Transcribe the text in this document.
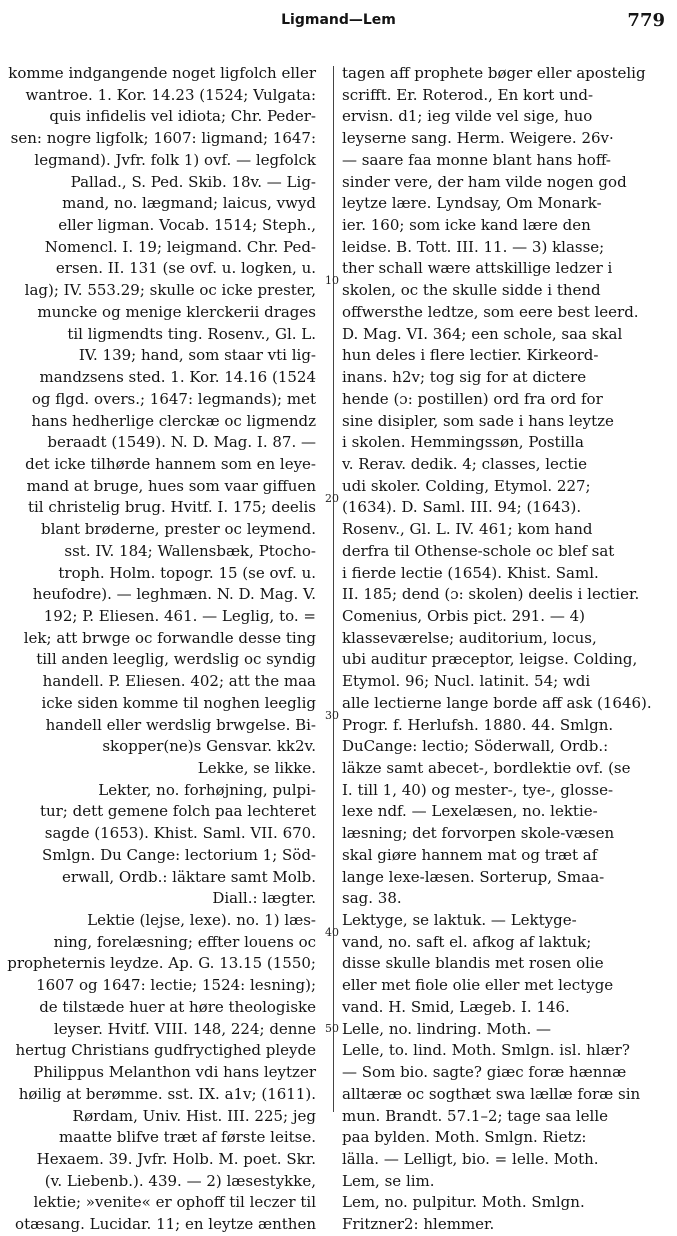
Ligmand—Lem	779
komme indgangende noget ligfolch eller
wantroe. 1. Kor. 14.23 (1524; Vulgata:
quis infidelis vel idiota; Chr. Peder-
sen: nogre ligfolk; 1607: ligmand; 1647:
legmand). Jvfr. folk 1) ovf. — legfolck
Pallad., S. Ped. Skib. 18v. — Lig-
mand, no. lægmand; laicus, vwyd
eller ligman. Vocab. 1514; Steph.,
Nomencl. I. 19; leigmand. Chr. Ped-
ersen. II. 131 (se ovf. u. logken, u.
lag); IV. 553.29; skulle oc icke prester,
muncke og menige klerckerii drages
til ligmendts ting. Rosenv., Gl. L.
IV. 139; hand, som staar vti lig-
mandzsens sted. 1. Kor. 14.16 (1524
og flgd. overs.; 1647: legmands); met
hans hedherlige clerckæ oc ligmendz
beraadt (1549). N. D. Mag. I. 87. —
det icke tilhørde hannem som en leye-
mand at bruge, hues som vaar giffuen
til christelig brug. Hvitf. I. 175; deelis
blant brøderne, prester oc leymend.
sst. IV. 184; Wallensbæk, Ptocho-
troph. Holm. topogr. 15 (se ovf. u.
heufodre). — leghmæn. N. D. Mag. V.
192; P. Eliesen. 461. — Leglig, to. =
lek; att brwge oc forwandle desse ting
till anden leeglig, werdslig oc syndig
handell. P. Eliesen. 402; att the maa
icke siden komme til noghen leeglig
handell eller werdslig brwgelse. Bi-
skopper(ne)s Gensvar. kk2v.
Lekke, se likke.
Lekter, no. forhøjning, pulpi-
tur; dett gemene folch paa lechteret
sagde (1653). Khist. Saml. VII. 670.
Smlgn. Du Cange: lectorium 1; Söd-
erwall, Ordb.: läktare samt Molb.
Diall.: lægter.
Lektie (lejse, lexe). no. 1) læs-
ning, forelæsning; effter louens oc
propheternis leydze. Ap. G. 13.15 (1550;
1607 og 1647: lectie; 1524: lesning);
de tilstæde huer at høre theologiske
leyser. Hvitf. VIII. 148, 224; denne
hertug Christians gudfryctighed pleyde
Philippus Melanthon vdi hans leytzer
høilig at berømme. sst. IX. a1v; (1611).
Rørdam, Univ. Hist. III. 225; jeg
maatte blifve træt af første leitse.
Hexaem. 39. Jvfr. Holb. M. poet. Skr.
(v. Liebenb.). 439. — 2) læsestykke,
lektie; »venite« er ophoff til leczer til
otæsang. Lucidar. 11; en leytze ænthen
tagen aff prophete bøger eller apostelig
scrifft. Er. Roterod., En kort und-
ervisn. d1; ieg vilde vel sige, huo
leyserne sang. Herm. Weigere. 26v·
— saare faa monne blant hans hoff-
sinder vere, der ham vilde nogen god
leytze lære. Lyndsay, Om Monark-
ier. 160; som icke kand lære den
leidse. B. Tott. III. 11. — 3) klasse;
ther schall wære attskillige ledzer i
skolen, oc the skulle sidde i thend
offwersthe ledtze, som eere best leerd.
D. Mag. VI. 364; een schole, saa skal
hun deles i flere lectier. Kirkeord-
inans. h2v; tog sig for at dictere
hende (ɔ: postillen) ord fra ord for
sine disipler, som sade i hans leytze
i skolen. Hemmingssøn, Postilla
v. Rerav. dedik. 4; classes, lectie
udi skoler. Colding, Etymol. 227;
(1634). D. Saml. III. 94; (1643).
Rosenv., Gl. L. IV. 461; kom hand
derfra til Othense-schole oc blef sat
i fierde lectie (1654). Khist. Saml.
II. 185; dend (ɔ: skolen) deelis i lectier.
Comenius, Orbis pict. 291. — 4)
klasseværelse; auditorium, locus,
ubi auditur præceptor, leigse. Colding,
Etymol. 96; Nucl. latinit. 54; wdi
alle lectierne lange borde aff ask (1646).
Progr. f. Herlufsh. 1880. 44. Smlgn.
DuCange: lectio; Söderwall, Ordb.:
läkze samt abecet-, bordlektie ovf. (se
I. till 1, 40) og mester-, tye-, glosse-
lexe ndf. — Lexelæsen, no. lektie-
læsning; det forvorpen skole-væsen
skal giøre hannem mat og træt af
lange lexe-læsen. Sorterup, Smaa-
sag. 38.
Lektyge, se laktuk. — Lektyge-
vand, no. saft el. afkog af laktuk;
disse skulle blandis met rosen olie
eller met fiole olie eller met lectyge
vand. H. Smid, Lægeb. I. 146.
Lelle, no. lindring. Moth. —
Lelle, to. lind. Moth. Smlgn. isl. hlær?
— Som bio. sagte? giæc foræ hænnæ
alltæræ oc sogthæt swa lællæ foræ sin
mun. Brandt. 57.1–2; tage saa lelle
paa bylden. Moth. Smlgn. Rietz:
lälla. — Lelligt, bio. = lelle. Moth.
Lem, se lim.
Lem, no. pulpitur. Moth. Smlgn.
Fritzner2: hlemmer.
10
20
30
40
50
